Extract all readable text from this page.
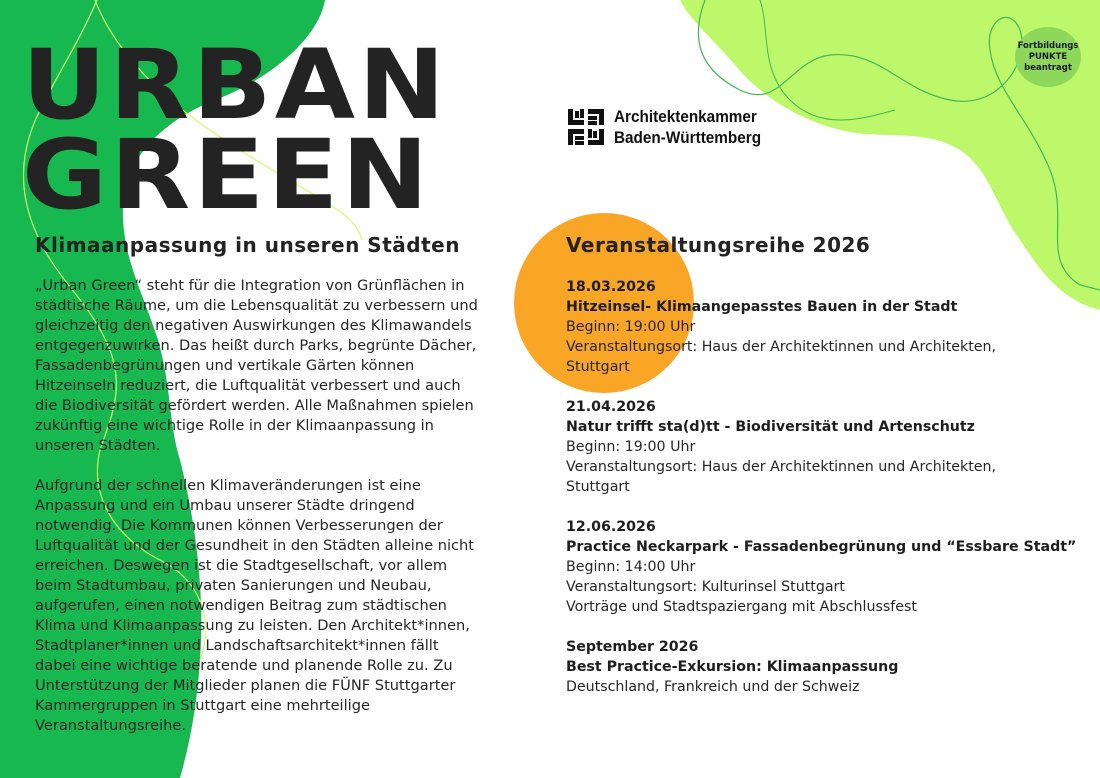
URBAN
GREEN
Klimaanpassung in unseren Städten

„Urban Green“ steht für die Integration von Grünflächen in städtische Räume, um die Lebensqualität zu verbessern und gleichzeitig den negativen Auswirkungen des Klimawandels entgegenzuwirken. Das heißt durch Parks, begrünte Dächer, Fassadenbegrünungen und vertikale Gärten können Hitzeinseln reduziert, die Luftqualität verbessert und auch die Biodiversität gefördert werden. Alle Maßnahmen spielen zukünftig eine wichtige Rolle in der Klimaanpassung in unseren Städten.

Aufgrund der schnellen Klimaveränderungen ist eine Anpassung und ein Umbau unserer Städte dringend notwendig. Die Kommunen können Verbesserungen der Luftqualität und der Gesundheit in den Städten alleine nicht erreichen. Deswegen ist die Stadtgesellschaft, vor allem beim Stadtumbau, privaten Sanierungen und Neubau, aufgerufen, einen notwendigen Beitrag zum städtischen Klima und Klimaanpassung zu leisten. Den Architekt*innen, Stadtplaner*innen und Landschaftsarchitekt*innen fällt dabei eine wichtige beratende und planende Rolle zu. Zu Unterstützung der Mitglieder planen die FÜNF Stuttgarter Kammergruppen in Stuttgart eine mehrteilige Veranstaltungsreihe.

Architektenkammer
Baden-Württemberg
Fortbildungs
PUNKTE
beantragt
Veranstaltungsreihe 2026
18.03.2026
Hitzeinsel- Klimaangepasstes Bauen in der Stadt
Beginn: 19:00 Uhr
Veranstaltungsort: Haus der Architektinnen und Architekten,
Stuttgart
21.04.2026
Natur trifft sta(d)tt - Biodiversität und Artenschutz
Beginn: 19:00 Uhr
Veranstaltungsort: Haus der Architektinnen und Architekten,
Stuttgart
12.06.2026
Practice Neckarpark - Fassadenbegrünung und “Essbare Stadt”
Beginn: 14:00 Uhr
Veranstaltungsort: Kulturinsel Stuttgart
Vorträge und Stadtspaziergang mit Abschlussfest
September 2026
Best Practice-Exkursion: Klimaanpassung
Deutschland, Frankreich und der Schweiz
